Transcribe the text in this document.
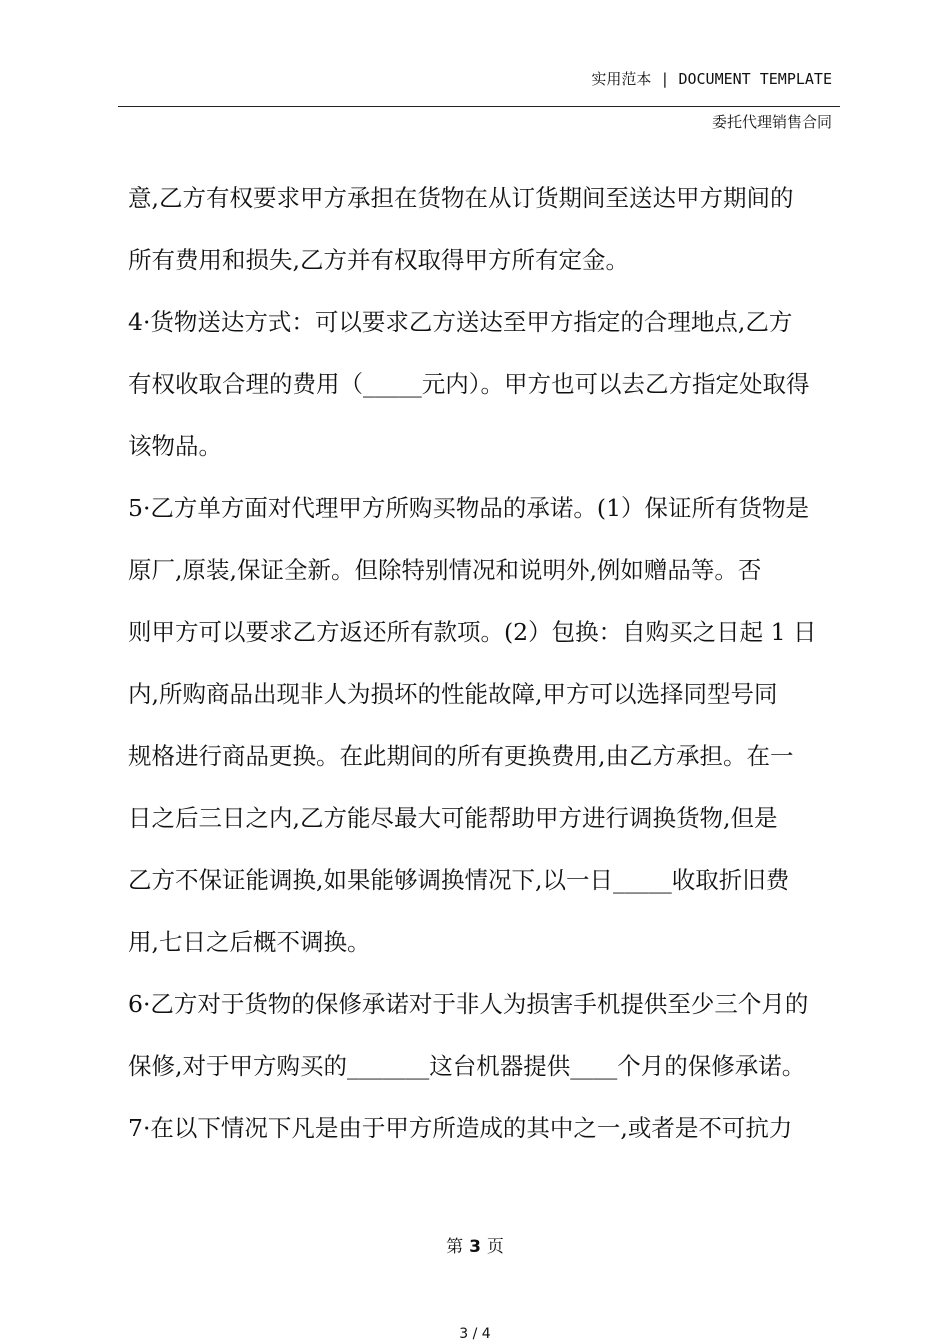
实用范本 | DOCUMENT TEMPLATE
委托代理销售合同
意,乙方有权要求甲方承担在货物在从订货期间至送达甲方期间的
所有费用和损失,乙方并有权取得甲方所有定金。
4·货物送达方式：可以要求乙方送达至甲方指定的合理地点,乙方
有权收取合理的费用（_____元内）。甲方也可以去乙方指定处取得
该物品。
5·乙方单方面对代理甲方所购买物品的承诺。(1）保证所有货物是
原厂,原装,保证全新。但除特别情况和说明外,例如赠品等。否
则甲方可以要求乙方返还所有款项。(2）包换：自购买之日起 1 日
内,所购商品出现非人为损坏的性能故障,甲方可以选择同型号同
规格进行商品更换。在此期间的所有更换费用,由乙方承担。在一
日之后三日之内,乙方能尽最大可能帮助甲方进行调换货物,但是
乙方不保证能调换,如果能够调换情况下,以一日_____收取折旧费
用,七日之后概不调换。
6·乙方对于货物的保修承诺对于非人为损害手机提供至少三个月的
保修,对于甲方购买的_______这台机器提供____个月的保修承诺。
7·在以下情况下凡是由于甲方所造成的其中之一,或者是不可抗力
第 3 页
3 / 4
